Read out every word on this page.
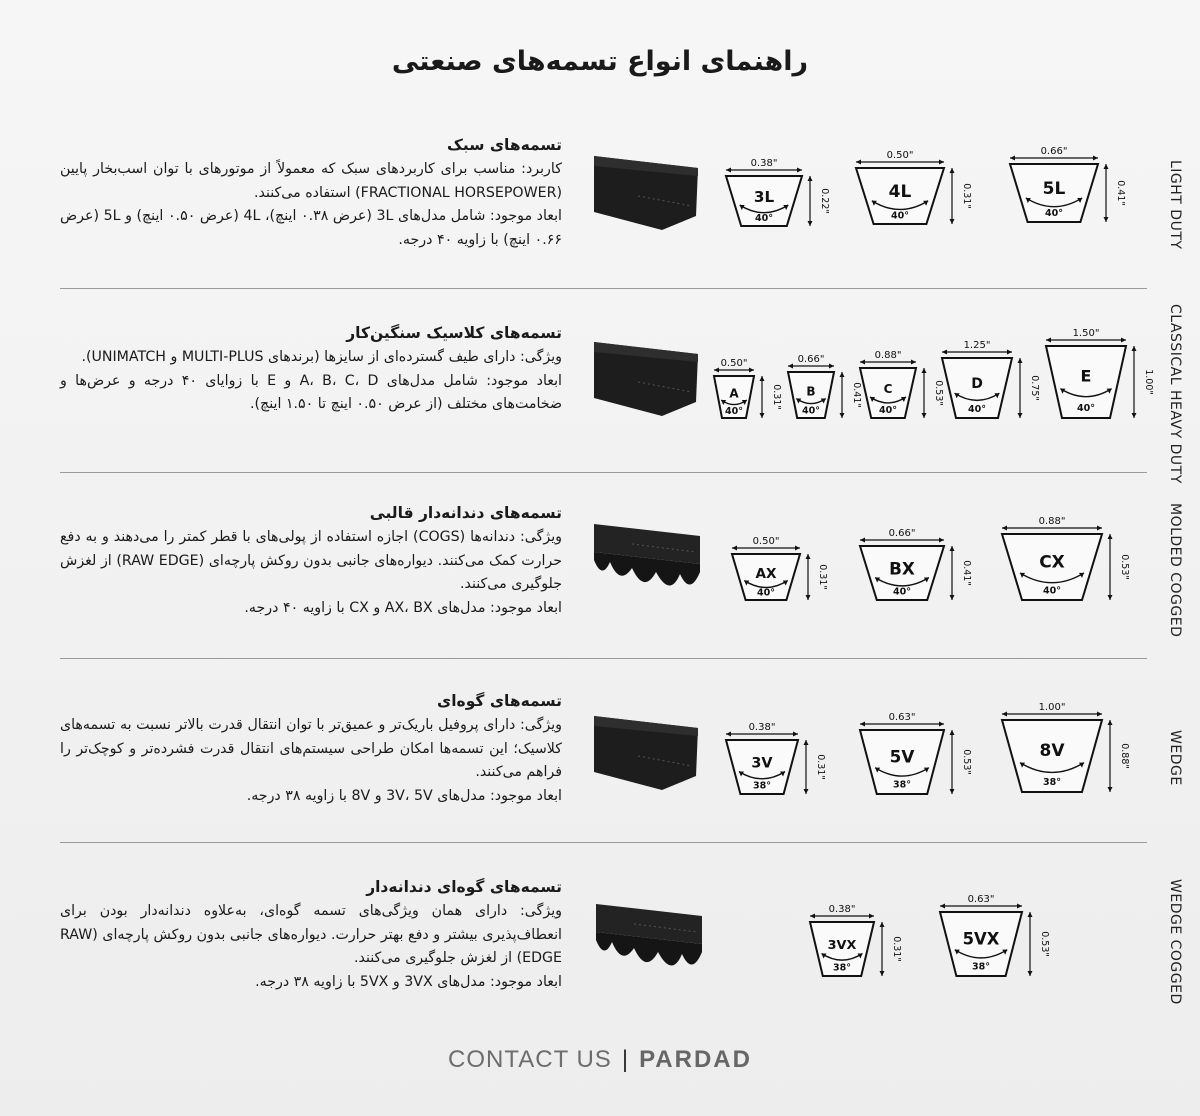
راهنمای انواع تسمه‌های صنعتی
تسمه‌های سبک
کاربرد: مناسب برای کاربردهای سبک که معمولاً از موتورهای با توان اسب‌بخار پایین (FRACTIONAL HORSEPOWER) استفاده می‌کنند.
ابعاد موجود: شامل مدل‌های 3L (عرض ۰.۳۸ اینچ)، 4L (عرض ۰.۵۰ اینچ) و 5L (عرض ۰.۶۶ اینچ) با زاویه ۴۰ درجه.	LIGHT DUTY
0.38"
0.22"
3L
40°
0.50"
0.31"
4L
40°
0.66"
0.41"
5L
40°
تسمه‌های کلاسیک سنگین‌کار
ویژگی: دارای طیف گسترده‌ای از سایزها (برندهای MULTI-PLUS و UNIMATCH).
ابعاد موجود: شامل مدل‌های A، B، C، D و E با زوایای ۴۰ درجه و عرض‌ها و ضخامت‌های مختلف (از عرض ۰.۵۰ اینچ تا ۱.۵۰ اینچ).	CLASSICAL HEAVY DUTY
0.50"
0.31"
A
40°
0.66"
0.41"
B
40°
0.88"
0.53"
C
40°
1.25"
0.75"
D
40°
1.50"
1.00"
E
40°
تسمه‌های دندانه‌دار قالبی
ویژگی: دندانه‌ها (COGS) اجازه استفاده از پولی‌های با قطر کمتر را می‌دهند و به دفع حرارت کمک می‌کنند. دیواره‌های جانبی بدون روکش پارچه‌ای (RAW EDGE) از لغزش جلوگیری می‌کنند.
ابعاد موجود: مدل‌های AX، BX و CX با زاویه ۴۰ درجه.	MOLDED COGGED
0.50"
0.31"
AX
40°
0.66"
0.41"
BX
40°
0.88"
0.53"
CX
40°
تسمه‌های گوه‌ای
ویژگی: دارای پروفیل باریک‌تر و عمیق‌تر با توان انتقال قدرت بالاتر نسبت به تسمه‌های کلاسیک؛ این تسمه‌ها امکان طراحی سیستم‌های انتقال قدرت فشرده‌تر و کوچک‌تر را فراهم می‌کنند.
ابعاد موجود: مدل‌های 3V، 5V و 8V با زاویه ۳۸ درجه.
WEDGE
0.38"
0.31"
3V
38°
0.63"
0.53"
5V
38°
1.00"
0.88"
8V
38°
تسمه‌های گوه‌ای دندانه‌دار
ویژگی: دارای همان ویژگی‌های تسمه گوه‌ای، به‌علاوه دندانه‌دار بودن برای انعطاف‌پذیری بیشتر و دفع بهتر حرارت. دیواره‌های جانبی بدون روکش پارچه‌ای (RAW EDGE) از لغزش جلوگیری می‌کنند.
ابعاد موجود: مدل‌های 3VX و 5VX با زاویه ۳۸ درجه.	WEDGE COGGED
0.38"
0.31"
3VX
38°
0.63"
0.53"
5VX
38°
CONTACT US | PARDAD
